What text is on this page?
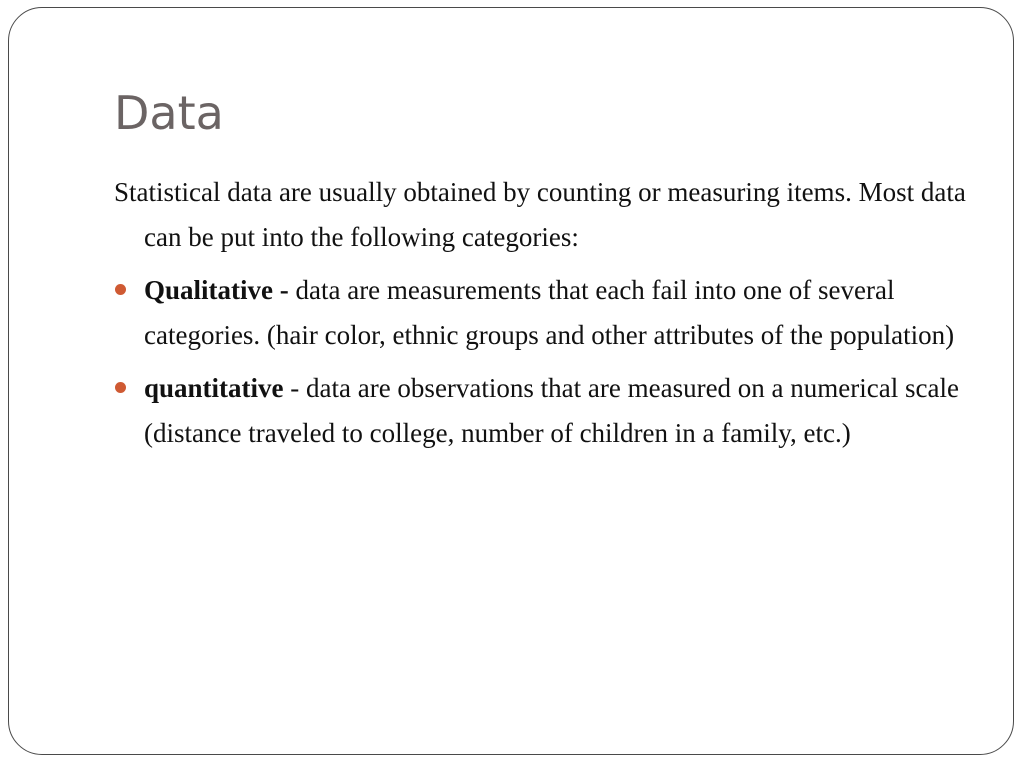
Data

Statistical data are usually obtained by counting or measuring items. Most data can be put into the following categories:

Qualitative - data are measurements that each fail into one of several categories. (hair color, ethnic groups and other attributes of the population)
quantitative - data are observations that are measured on a numerical scale (distance traveled to college, number of children in a family, etc.)
